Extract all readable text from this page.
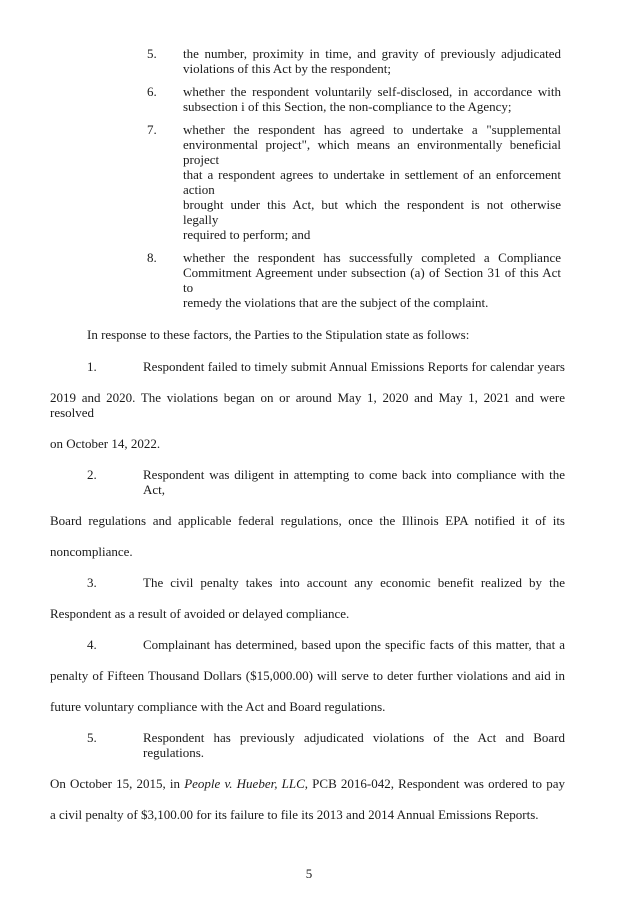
5. the number, proximity in time, and gravity of previously adjudicated
violations of this Act by the respondent;
6. whether the respondent voluntarily self-disclosed, in accordance with
subsection i of this Section, the non-compliance to the Agency;
7. whether the respondent has agreed to undertake a "supplemental
environmental project", which means an environmentally beneficial project
that a respondent agrees to undertake in settlement of an enforcement action
brought under this Act, but which the respondent is not otherwise legally
required to perform; and
8. whether the respondent has successfully completed a Compliance
Commitment Agreement under subsection (a) of Section 31 of this Act to
remedy the violations that are the subject of the complaint.
In response to these factors, the Parties to the Stipulation state as follows:
1.	Respondent failed to timely submit Annual Emissions Reports for calendar years
2019 and 2020. The violations began on or around May 1, 2020 and May 1, 2021 and were resolved
on October 14, 2022.
2.	Respondent was diligent in attempting to come back into compliance with the Act,
Board regulations and applicable federal regulations, once the Illinois EPA notified it of its
noncompliance.
3.	The civil penalty takes into account any economic benefit realized by the
Respondent as a result of avoided or delayed compliance.
4.	Complainant has determined, based upon the specific facts of this matter, that a
penalty of Fifteen Thousand Dollars ($15,000.00) will serve to deter further violations and aid in
future voluntary compliance with the Act and Board regulations.
5.	Respondent has previously adjudicated violations of the Act and Board regulations.
On October 15, 2015, in People v. Hueber, LLC, PCB 2016-042, Respondent was ordered to pay
a civil penalty of $3,100.00 for its failure to file its 2013 and 2014 Annual Emissions Reports.
5
